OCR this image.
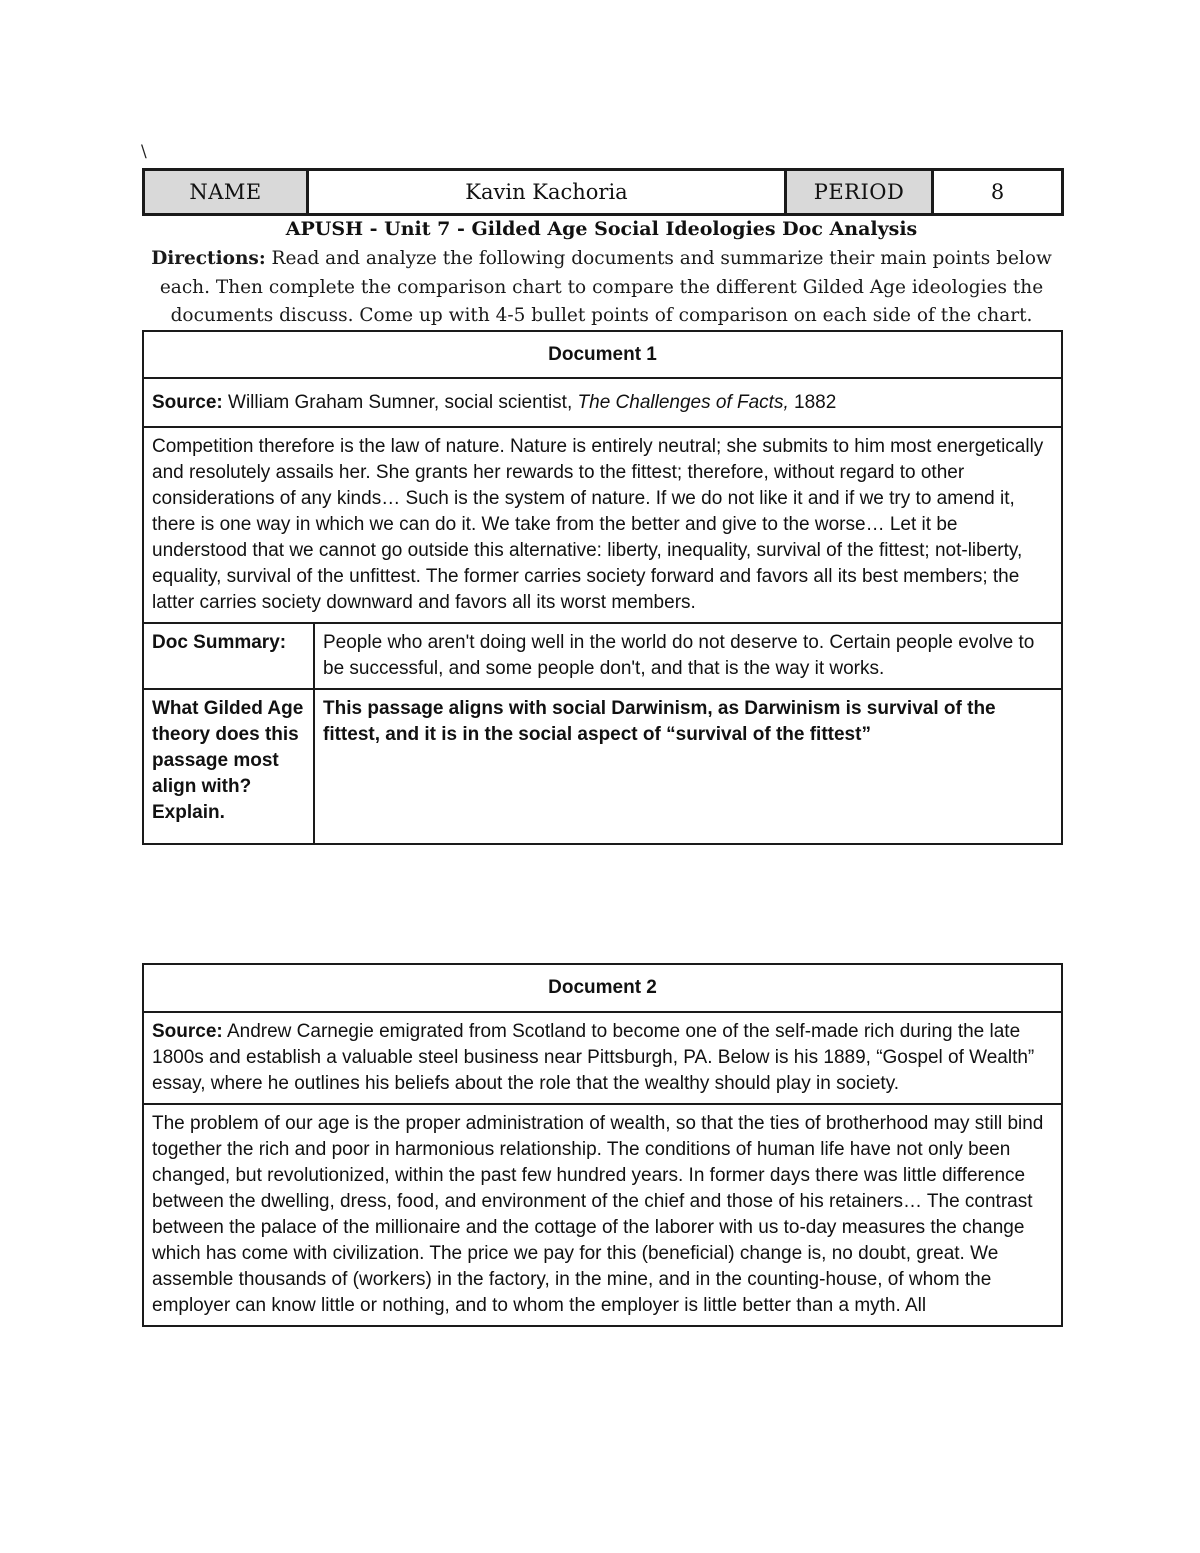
\
NAME	Kavin Kachoria	PERIOD	8
APUSH - Unit 7 - Gilded Age Social Ideologies Doc Analysis
Directions: Read and analyze the following documents and summarize their main points below each. Then complete the comparison chart to compare the different Gilded Age ideologies the documents discuss. Come up with 4-5 bullet points of comparison on each side of the chart.
Document 1	
Source: William Graham Sumner, social scientist, The Challenges of Facts, 1882	
Competition therefore is the law of nature. Nature is entirely neutral; she submits to him most energetically and resolutely assails her. She grants her rewards to the fittest; therefore, without regard to other considerations of any kinds… Such is the system of nature. If we do not like it and if we try to amend it, there is one way in which we can do it. We take from the better and give to the worse… Let it be understood that we cannot go outside this alternative: liberty, inequality, survival of the fittest; not-liberty, equality, survival of the unfittest. The former carries society forward and favors all its best members; the latter carries society downward and favors all its worst members.	
Doc Summary:	People who aren't doing well in the world do not deserve to. Certain people evolve to be successful, and some people don't, and that is the way it works.
What Gilded Age theory does this passage most align with? Explain.	This passage aligns with social Darwinism, as Darwinism is survival of the fittest, and it is in the social aspect of “survival of the fittest”
Document 2
Source: Andrew Carnegie emigrated from Scotland to become one of the self-made rich during the late 1800s and establish a valuable steel business near Pittsburgh, PA. Below is his 1889, “Gospel of Wealth” essay, where he outlines his beliefs about the role that the wealthy should play in society.
The problem of our age is the proper administration of wealth, so that the ties of brotherhood may still bind together the rich and poor in harmonious relationship. The conditions of human life have not only been changed, but revolutionized, within the past few hundred years. In former days there was little difference between the dwelling, dress, food, and environment of the chief and those of his retainers… The contrast between the palace of the millionaire and the cottage of the laborer with us to-day measures the change which has come with civilization. The price we pay for this (beneficial) change is, no doubt, great. We assemble thousands of (workers) in the factory, in the mine, and in the counting-house, of whom the employer can know little or nothing, and to whom the employer is little better than a myth. All
